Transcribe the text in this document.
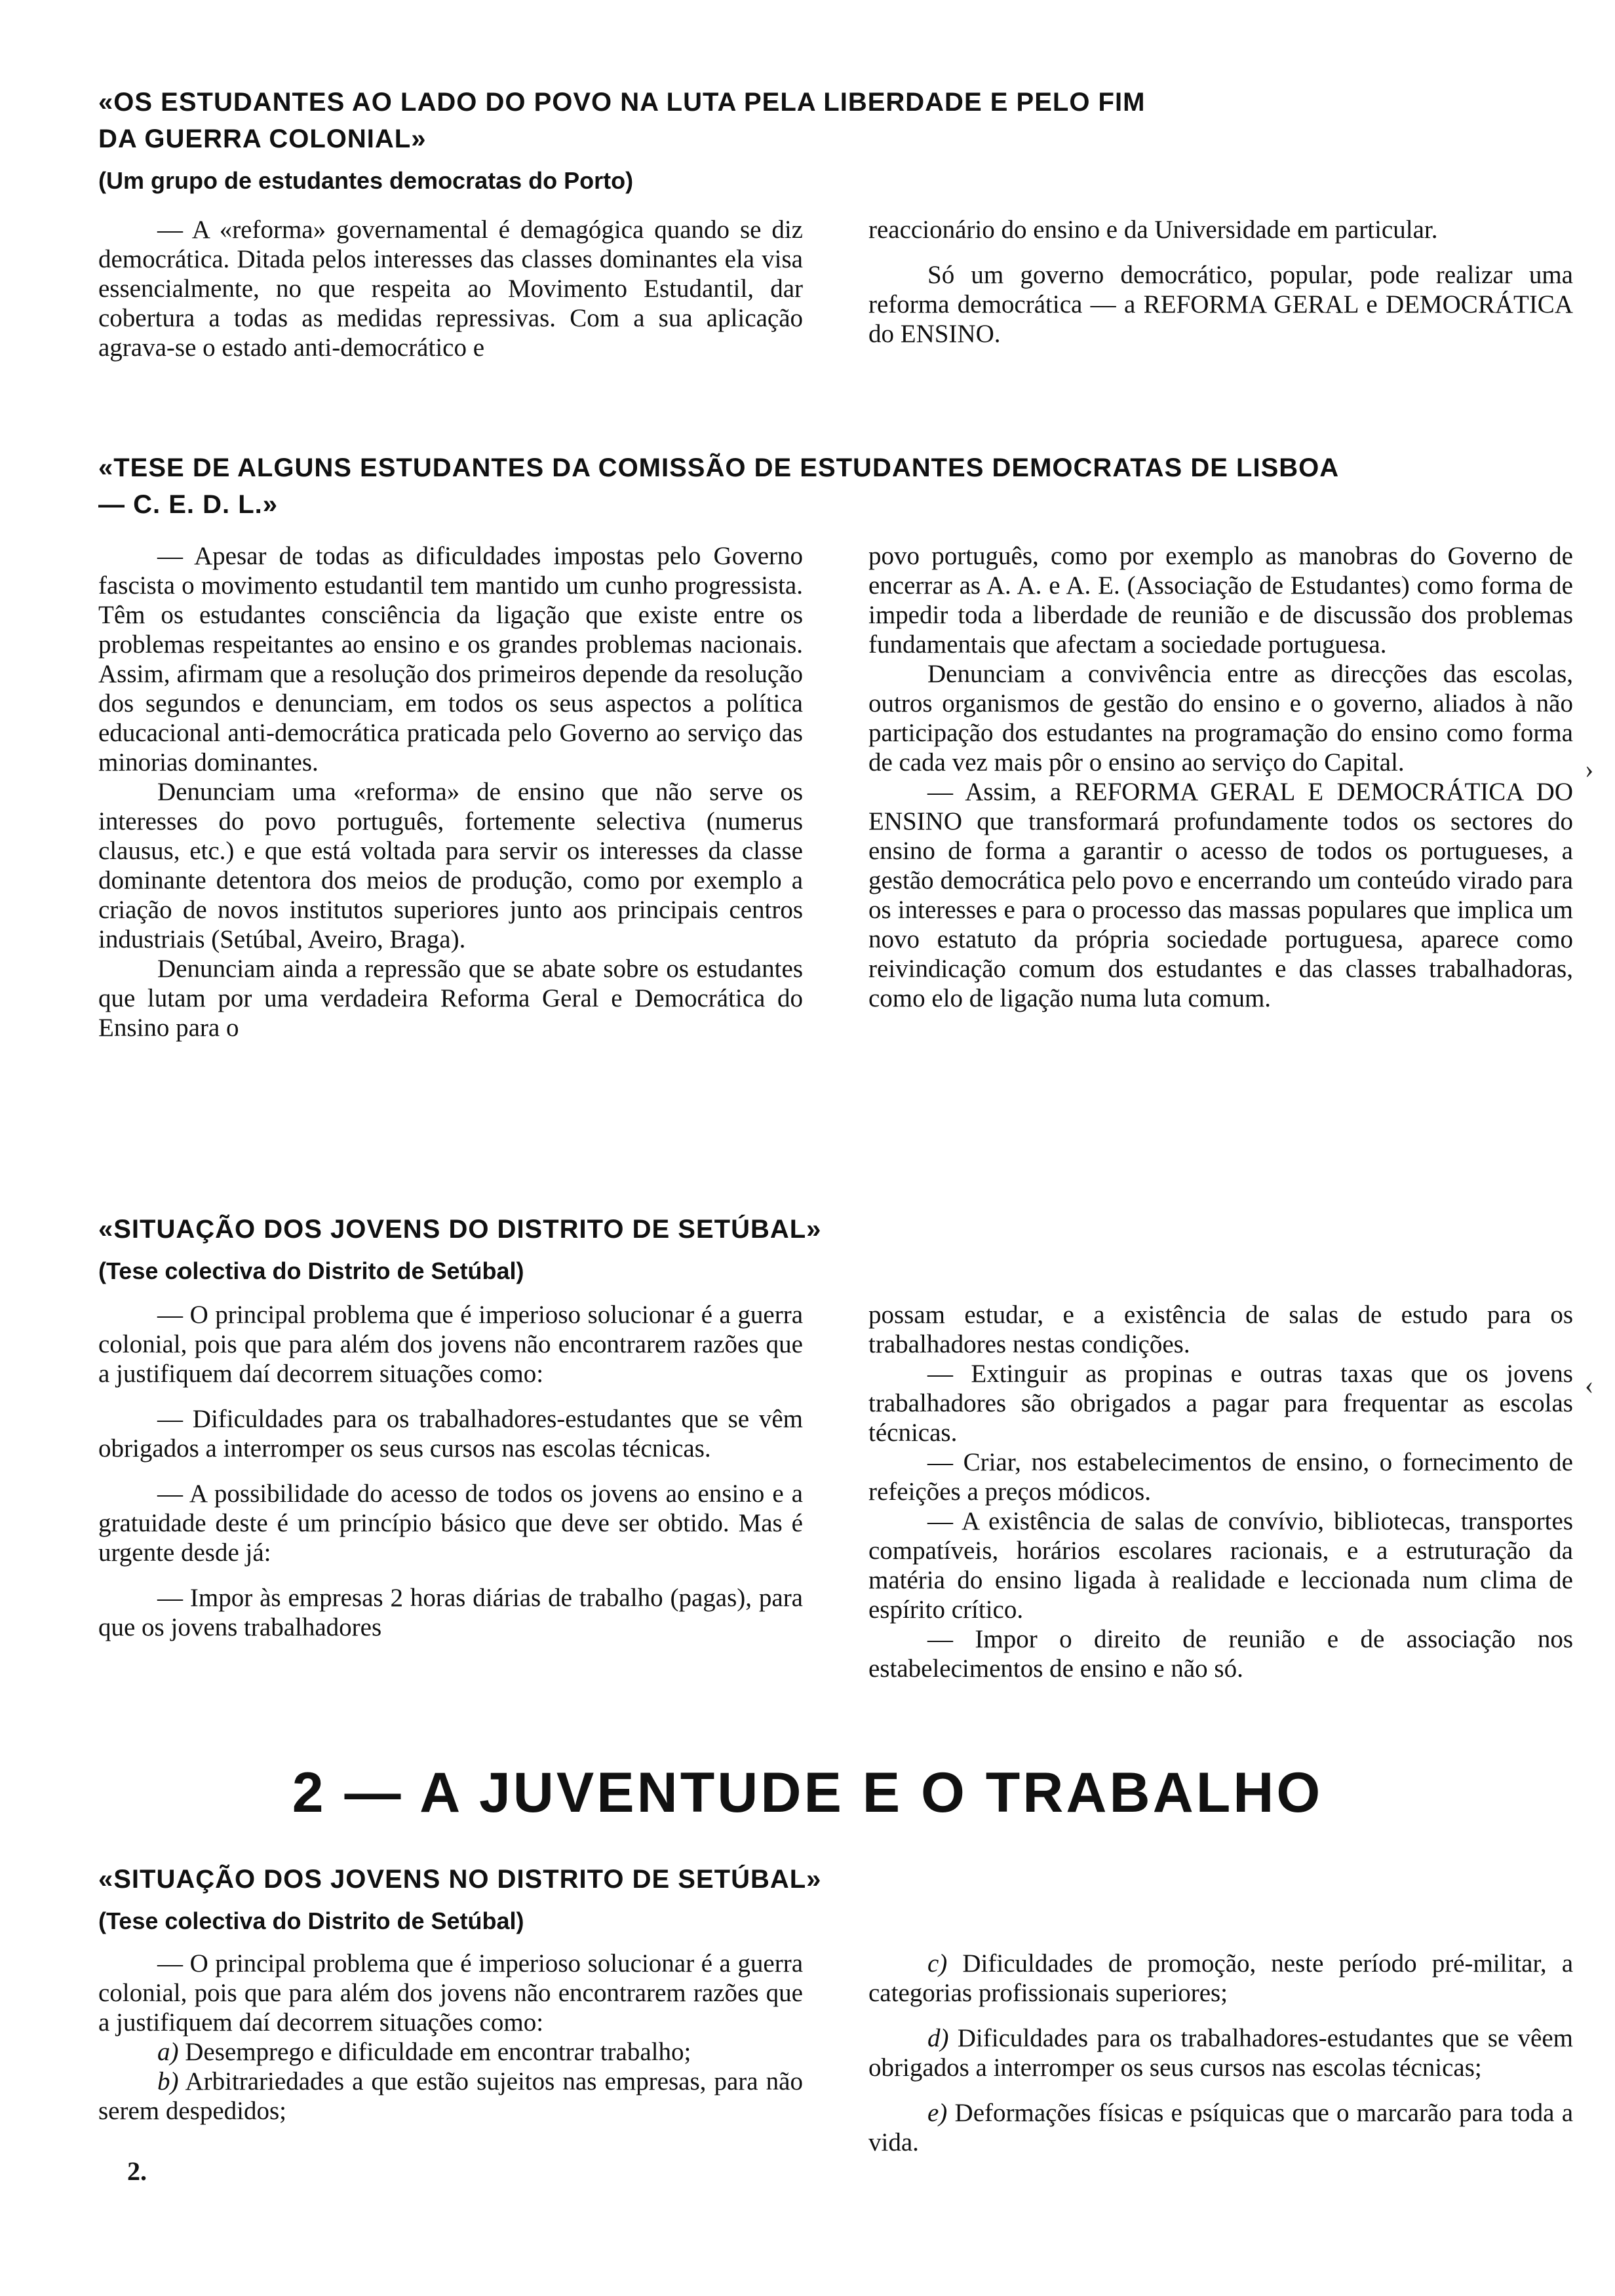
«OS ESTUDANTES AO LADO DO POVO NA LUTA PELA LIBERDADE E PELO FIM DA GUERRA COLONIAL»
(Um grupo de estudantes democratas do Porto)

— A «reforma» governamental é demagógica quando se diz democrática. Ditada pelos interesses das classes dominantes ela visa essencialmente, no que respeita ao Movimento Estudantil, dar cobertura a todas as medidas repressivas. Com a sua aplicação agrava-se o estado anti-democrático e

reaccionário do ensino e da Universidade em particular.

Só um governo democrático, popular, pode realizar uma reforma democrática — a REFORMA GERAL e DEMOCRÁTICA do ENSINO.

«TESE DE ALGUNS ESTUDANTES DA COMISSÃO DE ESTUDANTES DEMOCRATAS DE LISBOA — C. E. D. L.»

— Apesar de todas as dificuldades impostas pelo Governo fascista o movimento estudantil tem mantido um cunho progressista. Têm os estudantes consciência da ligação que existe entre os problemas respeitantes ao ensino e os grandes problemas nacionais. Assim, afirmam que a resolução dos primeiros depende da resolução dos segundos e denunciam, em todos os seus aspectos a política educacional anti-democrática praticada pelo Governo ao serviço das minorias dominantes.

Denunciam uma «reforma» de ensino que não serve os interesses do povo português, fortemente selectiva (numerus clausus, etc.) e que está voltada para servir os interesses da classe dominante detentora dos meios de produção, como por exemplo a criação de novos institutos superiores junto aos principais centros industriais (Setúbal, Aveiro, Braga).

Denunciam ainda a repressão que se abate sobre os estudantes que lutam por uma verdadeira Reforma Geral e Democrática do Ensino para o

povo português, como por exemplo as manobras do Governo de encerrar as A. A. e A. E. (Associação de Estudantes) como forma de impedir toda a liberdade de reunião e de discussão dos problemas fundamentais que afectam a sociedade portuguesa.

Denunciam a convivência entre as direcções das escolas, outros organismos de gestão do ensino e o governo, aliados à não participação dos estudantes na programação do ensino como forma de cada vez mais pôr o ensino ao serviço do Capital.

— Assim, a REFORMA GERAL E DEMOCRÁTICA DO ENSINO que transformará profundamente todos os sectores do ensino de forma a garantir o acesso de todos os portugueses, a gestão democrática pelo povo e encerrando um conteúdo virado para os interesses e para o processo das massas populares que implica um novo estatuto da própria sociedade portuguesa, aparece como reivindicação comum dos estudantes e das classes trabalhadoras, como elo de ligação numa luta comum.

«SITUAÇÃO DOS JOVENS DO DISTRITO DE SETÚBAL»
(Tese colectiva do Distrito de Setúbal)

— O principal problema que é imperioso solucionar é a guerra colonial, pois que para além dos jovens não encontrarem razões que a justifiquem daí decorrem situações como:

— Dificuldades para os trabalhadores-estudantes que se vêm obrigados a interromper os seus cursos nas escolas técnicas.

— A possibilidade do acesso de todos os jovens ao ensino e a gratuidade deste é um princípio básico que deve ser obtido. Mas é urgente desde já:

— Impor às empresas 2 horas diárias de trabalho (pagas), para que os jovens trabalhadores

possam estudar, e a existência de salas de estudo para os trabalhadores nestas condições.

— Extinguir as propinas e outras taxas que os jovens trabalhadores são obrigados a pagar para frequentar as escolas técnicas.

— Criar, nos estabelecimentos de ensino, o fornecimento de refeições a preços módicos.

— A existência de salas de convívio, bibliotecas, transportes compatíveis, horários escolares racionais, e a estruturação da matéria do ensino ligada à realidade e leccionada num clima de espírito crítico.

— Impor o direito de reunião e de associação nos estabelecimentos de ensino e não só.

2 — A JUVENTUDE E O TRABALHO
«SITUAÇÃO DOS JOVENS NO DISTRITO DE SETÚBAL»
(Tese colectiva do Distrito de Setúbal)

— O principal problema que é imperioso solucionar é a guerra colonial, pois que para além dos jovens não encontrarem razões que a justifiquem daí decorrem situações como:

a) Desemprego e dificuldade em encontrar trabalho;

b) Arbitrariedades a que estão sujeitos nas empresas, para não serem despedidos;

c) Dificuldades de promoção, neste período pré-militar, a categorias profissionais superiores;

d) Dificuldades para os trabalhadores-estudantes que se vêem obrigados a interromper os seus cursos nas escolas técnicas;

e) Deformações físicas e psíquicas que o marcarão para toda a vida.

2.
›
‹
